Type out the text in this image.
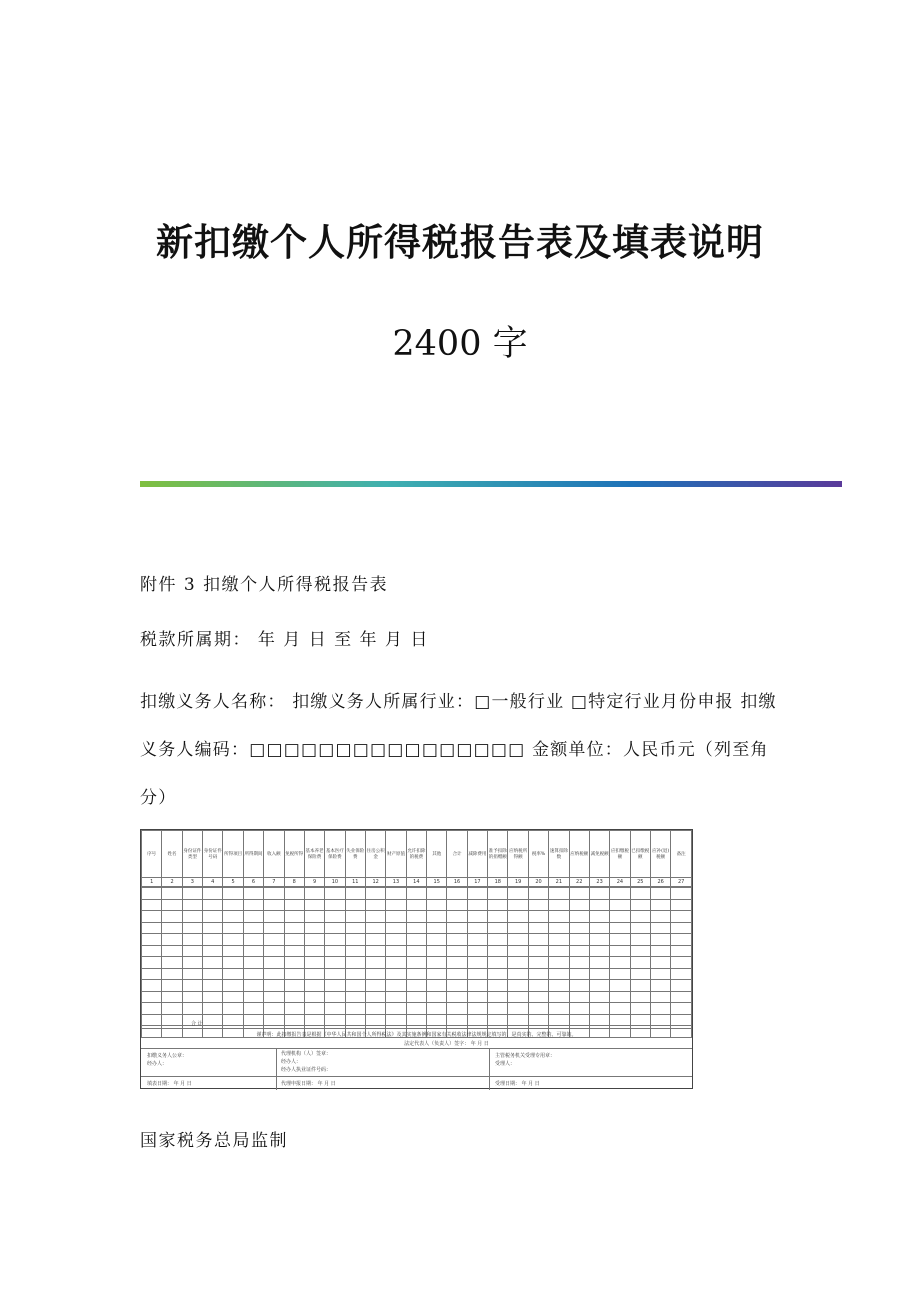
新扣缴个人所得税报告表及填表说明
2400 字
附件 3 扣缴个人所得税报告表
税款所属期： 年 月 日 至 年 月 日
扣缴义务人名称： 扣缴义务人所属行业：□一般行业 □特定行业月份申报 扣缴义务人编码：□□□□□□□□□□□□□□□□ 金额单位：人民币元（列至角分）
序号	姓名	身份证件类型	身份证件号码	所得项目	所得期间	收入额	免税所得	基本养老保险费	基本医疗保险费	失业保险费	住房公积金	财产原值	允许扣除的税费	其他	合计	减除费用	准予扣除的捐赠额	应纳税所得额	税率%	速算扣除数	应纳税额	减免税额	应扣缴税额	已扣缴税额	应补(退)税额	备注
1	2	3	4	5	6	7	8	9	10	11	12	13	14	15	16	17	18	19	20	21	22	23	24	25	26	27

合 计
谨声明：此扣缴报告表是根据《中华人民共和国个人所得税法》及其实施条例和国家有关税收法律法规规定填写的，是真实的、完整的、可靠的。
法定代表人（负责人）签字： 年 月 日
扣缴义务人公章：
经办人：
代理机构（人）签章：
经办人：
经办人执业证件号码：
主管税务机关受理专用章：
受理人：
填表日期： 年 月 日	代理申报日期： 年 月 日	受理日期： 年 月 日
国家税务总局监制
